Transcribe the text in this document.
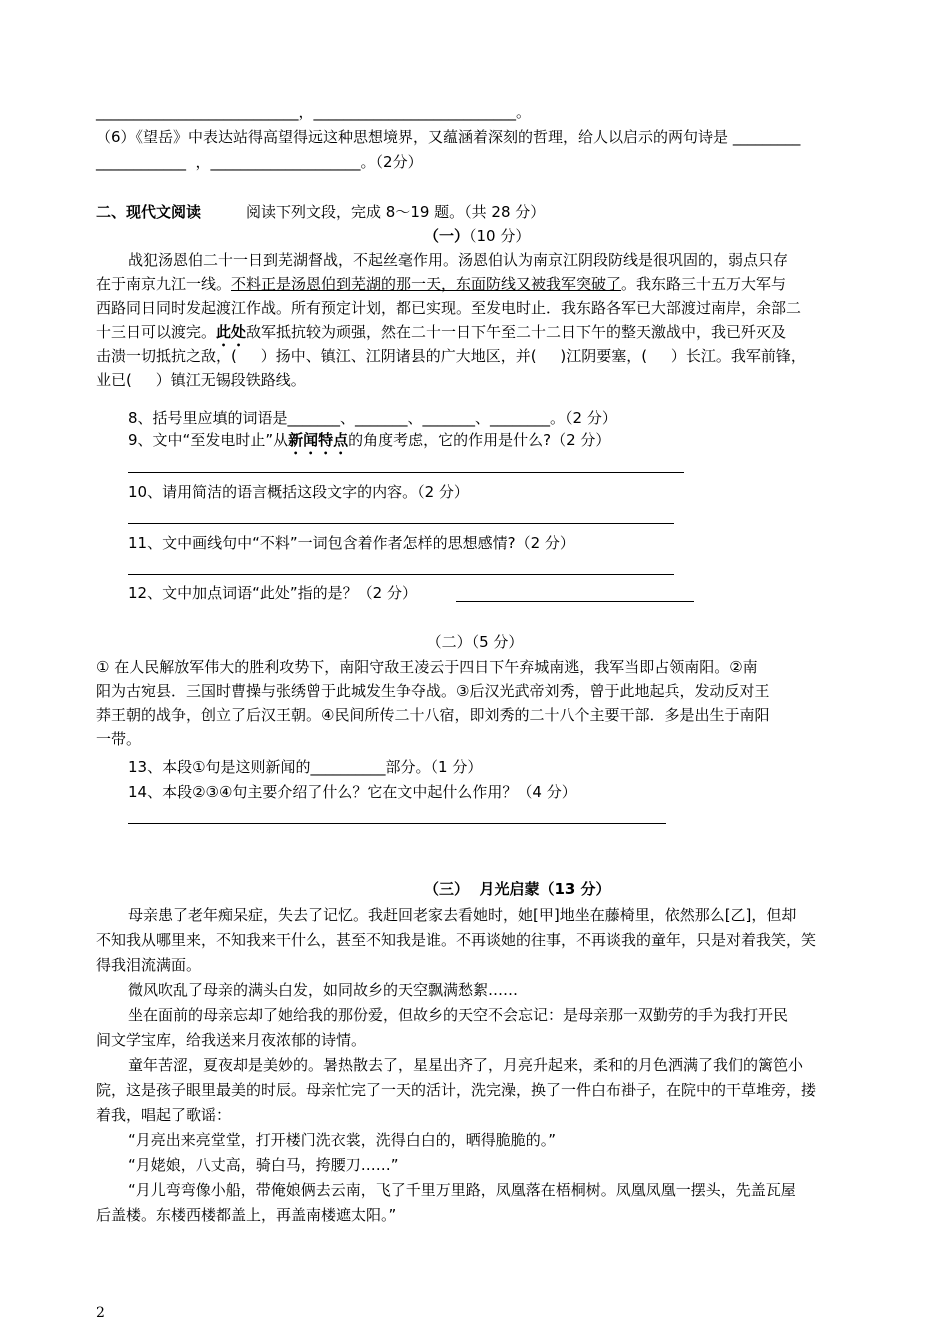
___________________________，___________________________。
（6）《望岳》中表达站得高望得远这种思想境界，又蕴涵着深刻的哲理，给人以启示的两句诗是 _________
____________  ，____________________。（2分）
二、现代文阅读	阅读下列文段，完成 8～19 题。（共 28 分）
（一）（10 分）
战犯汤恩伯二十一日到芜湖督战，不起丝毫作用。汤恩伯认为南京江阴段防线是很巩固的，弱点只存
在于南京九江一线。不料正是汤恩伯到芜湖的那一天，东面防线又被我军突破了。我东路三十五万大军与
西路同日同时发起渡江作战。所有预定计划，都已实现。至发电时止．我东路各军已大部渡过南岸，余部二
十三日可以渡完。此处敌军抵抗较为顽强，然在二十一日下午至二十二日下午的整天激战中，我已歼灭及
击溃一切抵抗之敌，(     ）扬中、镇江、江阴诸县的广大地区，并(     )江阴要塞，(     ）长江。我军前锋，
业已(     ）镇江无锡段铁路线。
8、括号里应填的词语是_______、_______、_______、________。（2 分）
9、文中“至发电时止”从新闻特点的角度考虑，它的作用是什么?（2 分）
10、请用简洁的语言概括这段文字的内容。（2 分）
11、文中画线句中“不料”一词包含着作者怎样的思想感情?（2 分）
12、文中加点词语“此处”指的是？（2 分）
（二）（5 分）
① 在人民解放军伟大的胜利攻势下，南阳守敌王凌云于四日下午弃城南逃，我军当即占领南阳。②南
阳为古宛县．三国时曹操与张绣曾于此城发生争夺战。③后汉光武帝刘秀，曾于此地起兵，发动反对王
莽王朝的战争，创立了后汉王朝。④民间所传二十八宿，即刘秀的二十八个主要干部．多是出生于南阳
一带。
13、本段①句是这则新闻的__________部分。（1 分）
14、本段②③④句主要介绍了什么？它在文中起什么作用？（4 分）
（三）  月光启蒙（13 分）
母亲患了老年痴呆症，失去了记忆。我赶回老家去看她时，她[甲]地坐在藤椅里，依然那么[乙]，但却
不知我从哪里来，不知我来干什么，甚至不知我是谁。不再谈她的往事，不再谈我的童年，只是对着我笑，笑
得我泪流满面。
微风吹乱了母亲的满头白发，如同故乡的天空飘满愁絮……
坐在面前的母亲忘却了她给我的那份爱，但故乡的天空不会忘记：是母亲那一双勤劳的手为我打开民
间文学宝库，给我送来月夜浓郁的诗情。
童年苦涩，夏夜却是美妙的。暑热散去了，星星出齐了，月亮升起来，柔和的月色洒满了我们的篱笆小
院，这是孩子眼里最美的时辰。母亲忙完了一天的活计，洗完澡，换了一件白布褂子，在院中的干草堆旁，搂
着我，唱起了歌谣：
“月亮出来亮堂堂，打开楼门洗衣裳，洗得白白的，晒得脆脆的。”
“月姥娘，八丈高，骑白马，挎腰刀……”
“月儿弯弯像小船，带俺娘俩去云南，飞了千里万里路，凤凰落在梧桐树。凤凰凤凰一摆头，先盖瓦屋
后盖楼。东楼西楼都盖上，再盖南楼遮太阳。”
2
